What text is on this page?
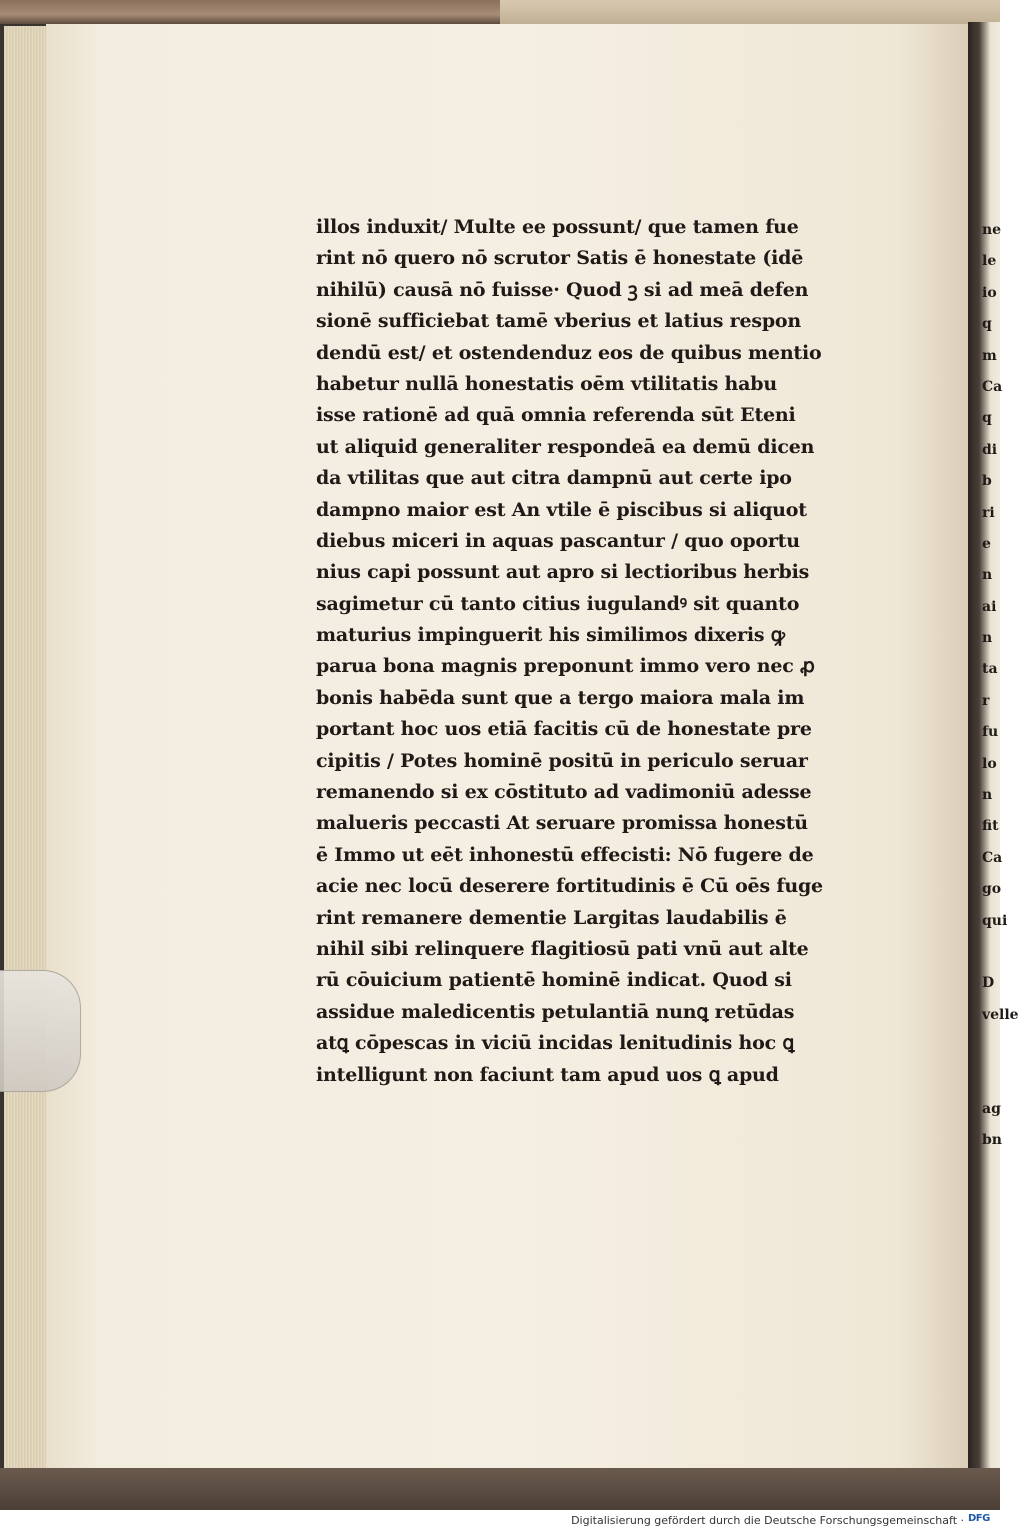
illos induxit/ Multe ee possunt/ que tamen fue
rint nō quero nō scrutor Satis ē honestate (idē
nihilū) causā nō fuisse· Quod ꝫ si ad meā defen
sionē sufficiebat tamē vberius et latius respon
dendū est/ et ostendenduz eos de quibus mentio
habetur nullā honestatis oēm vtilitatis habu
isse rationē ad quā omnia referenda sūt Eteni
ut aliquid generaliter respondeā ea demū dicen
da vtilitas que aut citra dampnū aut certe ipo
dampno maior est An vtile ē piscibus si aliquot
diebus miceri in aquas pascantur / quo oportu
nius capi possunt aut apro si lectioribus herbis
sagimetur cū tanto citius iugulandꝰ sit quanto
maturius impinguerit his similimos dixeris ꝙ
parua bona magnis preponunt immo vero nec ꝓ
bonis habēda sunt que a tergo maiora mala im
portant hoc uos etiā facitis cū de honestate pre
cipitis / Potes hominē positū in periculo seruar
remanendo si ex cōstituto ad vadimoniū adesse
malueris peccasti At seruare promissa honestū
ē Immo ut eēt inhonestū effecisti: Nō fugere de
acie nec locū deserere fortitudinis ē Cū oēs fuge
rint remanere dementie Largitas laudabilis ē
nihil sibi relinquere flagitiosū pati vnū aut alte
rū cōuicium patientē hominē indicat. Quod si
assidue maledicentis petulantiā nunꝗ retūdas
atꝗ cōpescas in viciū incidas lenitudinis hoc ꝗ
intelligunt non faciunt tam apud uos ꝗ apud
ne
le
io
q
m
Ca
q
di
b
ri
e
n
ai
n
ta
r
fu
lo
n
fit
Ca
go
qui
D
velle
ag
bn
Digitalisierung gefördert durch die Deutsche Forschungsgemeinschaft · DFG
